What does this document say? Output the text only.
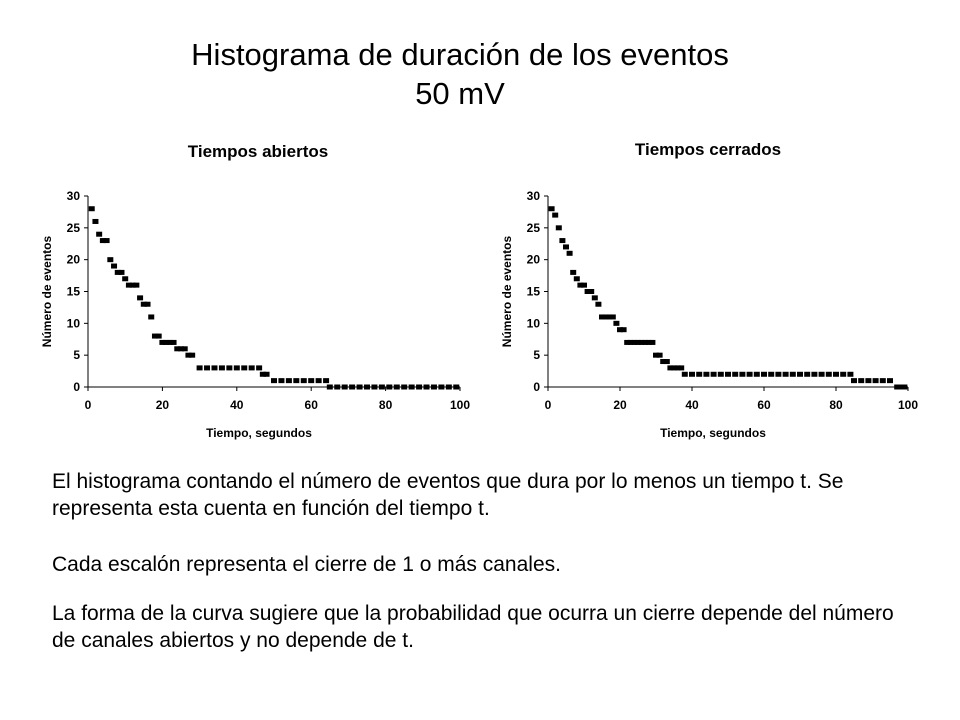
Histograma de duración de los eventos
50 mV
Tiempos abiertos	Tiempos cerrados
0
5
10
15
20
25
30
0	20	40	60	80	100
Tiempo, segundos
Número de eventos
0
5
10
15
20
25
30
0	20	40	60	80	100
Tiempo, segundos
Número de eventos
El histograma contando el número de eventos que dura por lo menos un tiempo t. Se representa esta cuenta en función del tiempo t.
Cada escalón representa el cierre de 1 o más canales.
La forma de la curva sugiere que la probabilidad que ocurra un cierre depende del número de canales abiertos y no depende de t.
